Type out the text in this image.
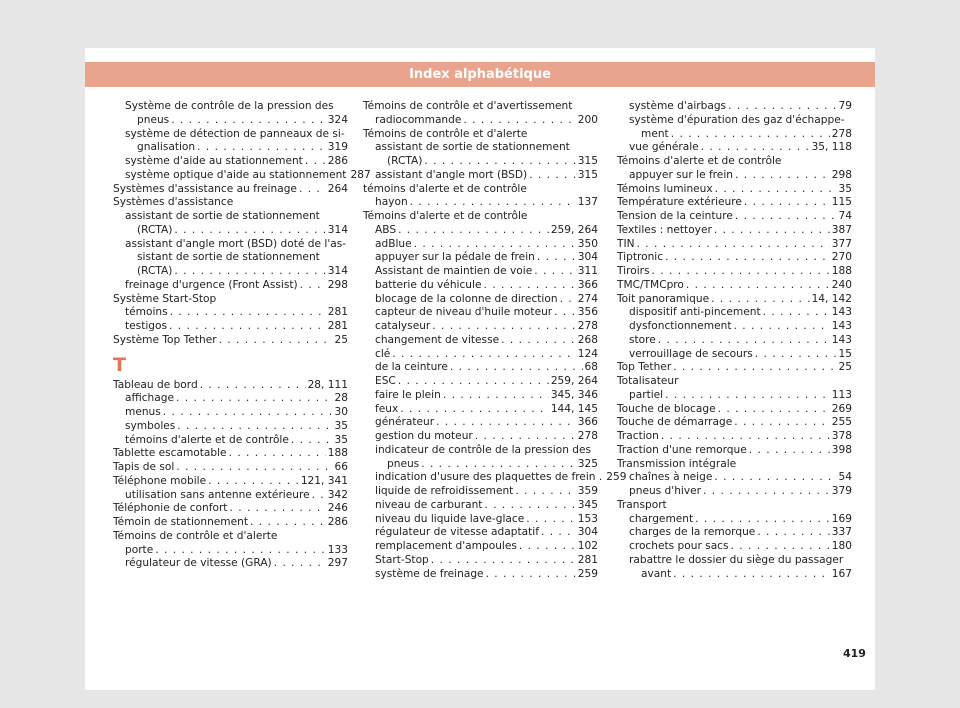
Index alphabétique
Système de contrôle de la pression des
pneus . . .	324
système de détection de panneaux de si-
gnalisation . . .	319
système d'aide au stationnement . . . 286
système optique d'aide au stationnement 287
Systèmes d'assistance au freinage . . .	264
Systèmes d'assistance
assistant de sortie de stationnement
(RCTA) . . .	314
assistant d'angle mort (BSD) doté de l'as-
sistant de sortie de stationnement
(RCTA) . . .	314
freinage d'urgence (Front Assist) . . .	298
Système Start-Stop
témoins . . .	281
testigos . . .	281
Système Top Tether . . .	25
T
Tableau de bord . . .	28, 111
affichage . . .	28
menus . . .	30
symboles . . .	35
témoins d'alerte et de contrôle . . .	35
Tablette escamotable . . .	188
Tapis de sol . . .	66
Téléphone mobile . . .	121, 341
utilisation sans antenne extérieure . . . 342
Téléphonie de confort . . .	246
Témoin de stationnement . . .	286
Témoins de contrôle et d'alerte
porte . . .	133
régulateur de vitesse (GRA) . . .	297
Témoins de contrôle et d'avertissement
radiocommande . . .	200
Témoins de contrôle et d'alerte
assistant de sortie de stationnement
(RCTA) . . .	315
assistant d'angle mort (BSD) . . .	315
témoins d'alerte et de contrôle
hayon . . .	137
Témoins d'alerte et de contrôle
ABS . . .	259, 264
adBlue . . .	350
appuyer sur la pédale de frein . . .	304
Assistant de maintien de voie . . .	311
batterie du véhicule . . .	366
blocage de la colonne de direction . . . 274
capteur de niveau d'huile moteur . . . 356
catalyseur . . .	278
changement de vitesse . . .	268
clé . . .	124
de la ceinture . . .	68
ESC . . .	259, 264
faire le plein . . .	345, 346
feux . . .	144, 145
générateur . . .	366
gestion du moteur . . .	278
indicateur de contrôle de la pression des
pneus . . .	325
indication d'usure des plaquettes de frein . 259
liquide de refroidissement . . .	359
niveau de carburant . . .	345
niveau du liquide lave-glace . . .	153
régulateur de vitesse adaptatif . . .	304
remplacement d'ampoules . . .	102
Start-Stop . . .	281
système de freinage . . .	259
système d'airbags . . .	79
système d'épuration des gaz d'échappe-
ment . . .	278
vue générale . . .	35, 118
Témoins d'alerte et de contrôle
appuyer sur le frein . . .	298
Témoins lumineux . . .	35
Température extérieure . . .	115
Tension de la ceinture . . .	74
Textiles : nettoyer . . .	387
TIN . . .	377
Tiptronic . . .	270
Tiroirs . . .	188
TMC/TMCpro . . .	240
Toit panoramique . . .	14, 142
dispositif anti-pincement . . .	143
dysfonctionnement . . .	143
store . . .	143
verrouillage de secours . . .	15
Top Tether . . .	25
Totalisateur
partiel . . .	113
Touche de blocage . . .	269
Touche de démarrage . . .	255
Traction . . .	378
Traction d'une remorque . . .	398
Transmission intégrale
chaînes à neige . . .	54
pneus d'hiver . . .	379
Transport
chargement . . .	169
charges de la remorque . . .	337
crochets pour sacs . . .	180
rabattre le dossier du siège du passager
avant . . .	167
419
